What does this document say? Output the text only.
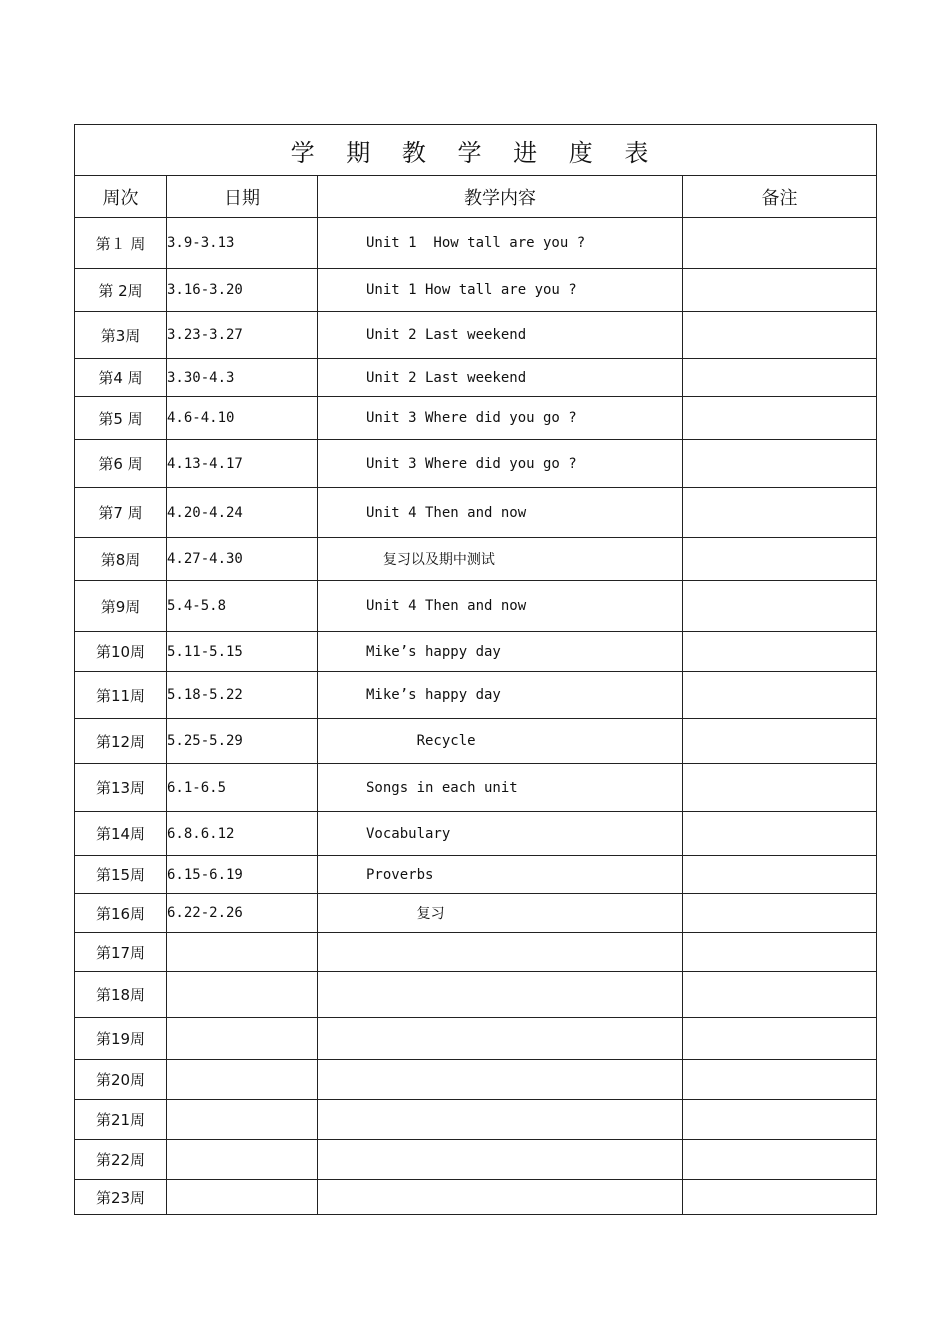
学 期 教 学 进 度 表			
周次	日期	教学内容	备注
第１ 周	3.9-3.13	Unit 1  How tall are you ?	
第 2周	3.16-3.20	Unit 1 How tall are you ?	
第3周	3.23-3.27	Unit 2 Last weekend	
第4 周	3.30-4.3	Unit 2 Last weekend	
第5 周	4.6-4.10	Unit 3 Where did you go ?	
第6 周	4.13-4.17	Unit 3 Where did you go ?	
第7 周	4.20-4.24	Unit 4 Then and now	
第8周	4.27-4.30	复习以及期中测试	
第9周	5.4-5.8	Unit 4 Then and now	
第10周	5.11-5.15	Mike’s happy day	
第11周	5.18-5.22	Mike’s happy day	
第12周	5.25-5.29	Recycle	
第13周	6.1-6.5	Songs in each unit	
第14周	6.8.6.12	Vocabulary	
第15周	6.15-6.19	Proverbs	
第16周	6.22-2.26	复习	
第17周			
第18周			
第19周			
第20周			
第21周			
第22周			
第23周			
